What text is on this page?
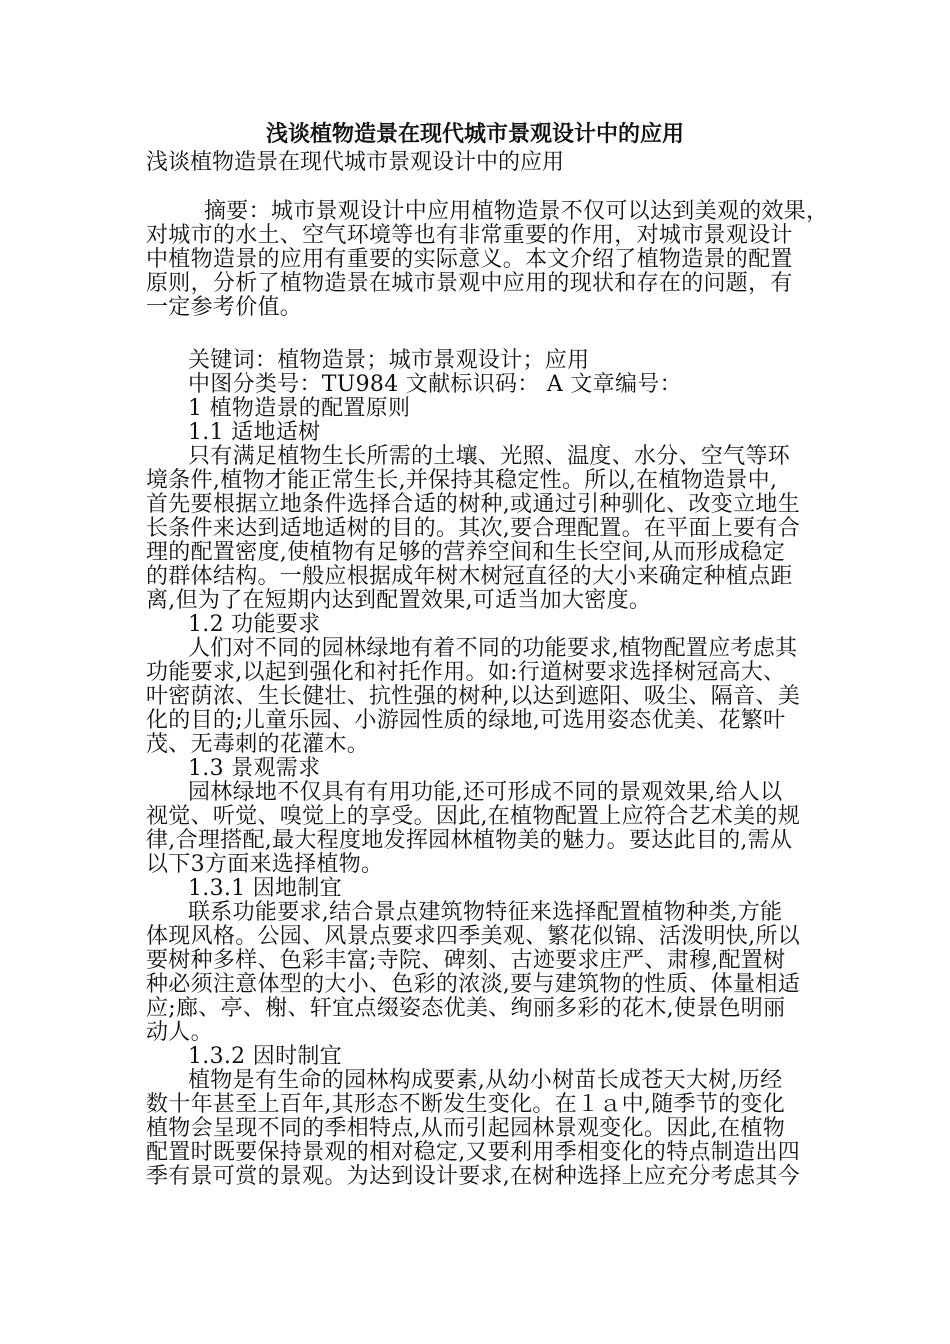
浅谈植物造景在现代城市景观设计中的应用
浅谈植物造景在现代城市景观设计中的应用
摘要：城市景观设计中应用植物造景不仅可以达到美观的效果，
对城市的水土、空气环境等也有非常重要的作用，对城市景观设计
中植物造景的应用有重要的实际意义。本文介绍了植物造景的配置
原则，分析了植物造景在城市景观中应用的现状和存在的问题，有
一定参考价值。
关键词：植物造景；城市景观设计；应用
中图分类号：TU984 文献标识码： A 文章编号：
1 植物造景的配置原则
1.1 适地适树
只有满足植物生长所需的土壤、光照、温度、水分、空气等环
境条件,植物才能正常生长,并保持其稳定性。所以,在植物造景中,
首先要根据立地条件选择合适的树种,或通过引种驯化、改变立地生
长条件来达到适地适树的目的。其次,要合理配置。在平面上要有合
理的配置密度,使植物有足够的营养空间和生长空间,从而形成稳定
的群体结构。一般应根据成年树木树冠直径的大小来确定种植点距
离,但为了在短期内达到配置效果,可适当加大密度。
1.2 功能要求
人们对不同的园林绿地有着不同的功能要求,植物配置应考虑其
功能要求,以起到强化和衬托作用。如:行道树要求选择树冠高大、
叶密荫浓、生长健壮、抗性强的树种,以达到遮阳、吸尘、隔音、美
化的目的;儿童乐园、小游园性质的绿地,可选用姿态优美、花繁叶
茂、无毒刺的花灌木。
1.3 景观需求
园林绿地不仅具有有用功能,还可形成不同的景观效果,给人以
视觉、听觉、嗅觉上的享受。因此,在植物配置上应符合艺术美的规
律,合理搭配,最大程度地发挥园林植物美的魅力。要达此目的,需从
以下3方面来选择植物。
1.3.1 因地制宜
联系功能要求,结合景点建筑物特征来选择配置植物种类,方能
体现风格。公园、风景点要求四季美观、繁花似锦、活泼明快,所以
要树种多样、色彩丰富;寺院、碑刻、古迹要求庄严、肃穆,配置树
种必须注意体型的大小、色彩的浓淡,要与建筑物的性质、体量相适
应;廊、亭、榭、轩宜点缀姿态优美、绚丽多彩的花木,使景色明丽
动人。
1.3.2 因时制宜
植物是有生命的园林构成要素,从幼小树苗长成苍天大树,历经
数十年甚至上百年,其形态不断发生变化。在１ａ中,随季节的变化
植物会呈现不同的季相特点,从而引起园林景观变化。因此,在植物
配置时既要保持景观的相对稳定,又要利用季相变化的特点制造出四
季有景可赏的景观。为达到设计要求,在树种选择上应充分考虑其今
